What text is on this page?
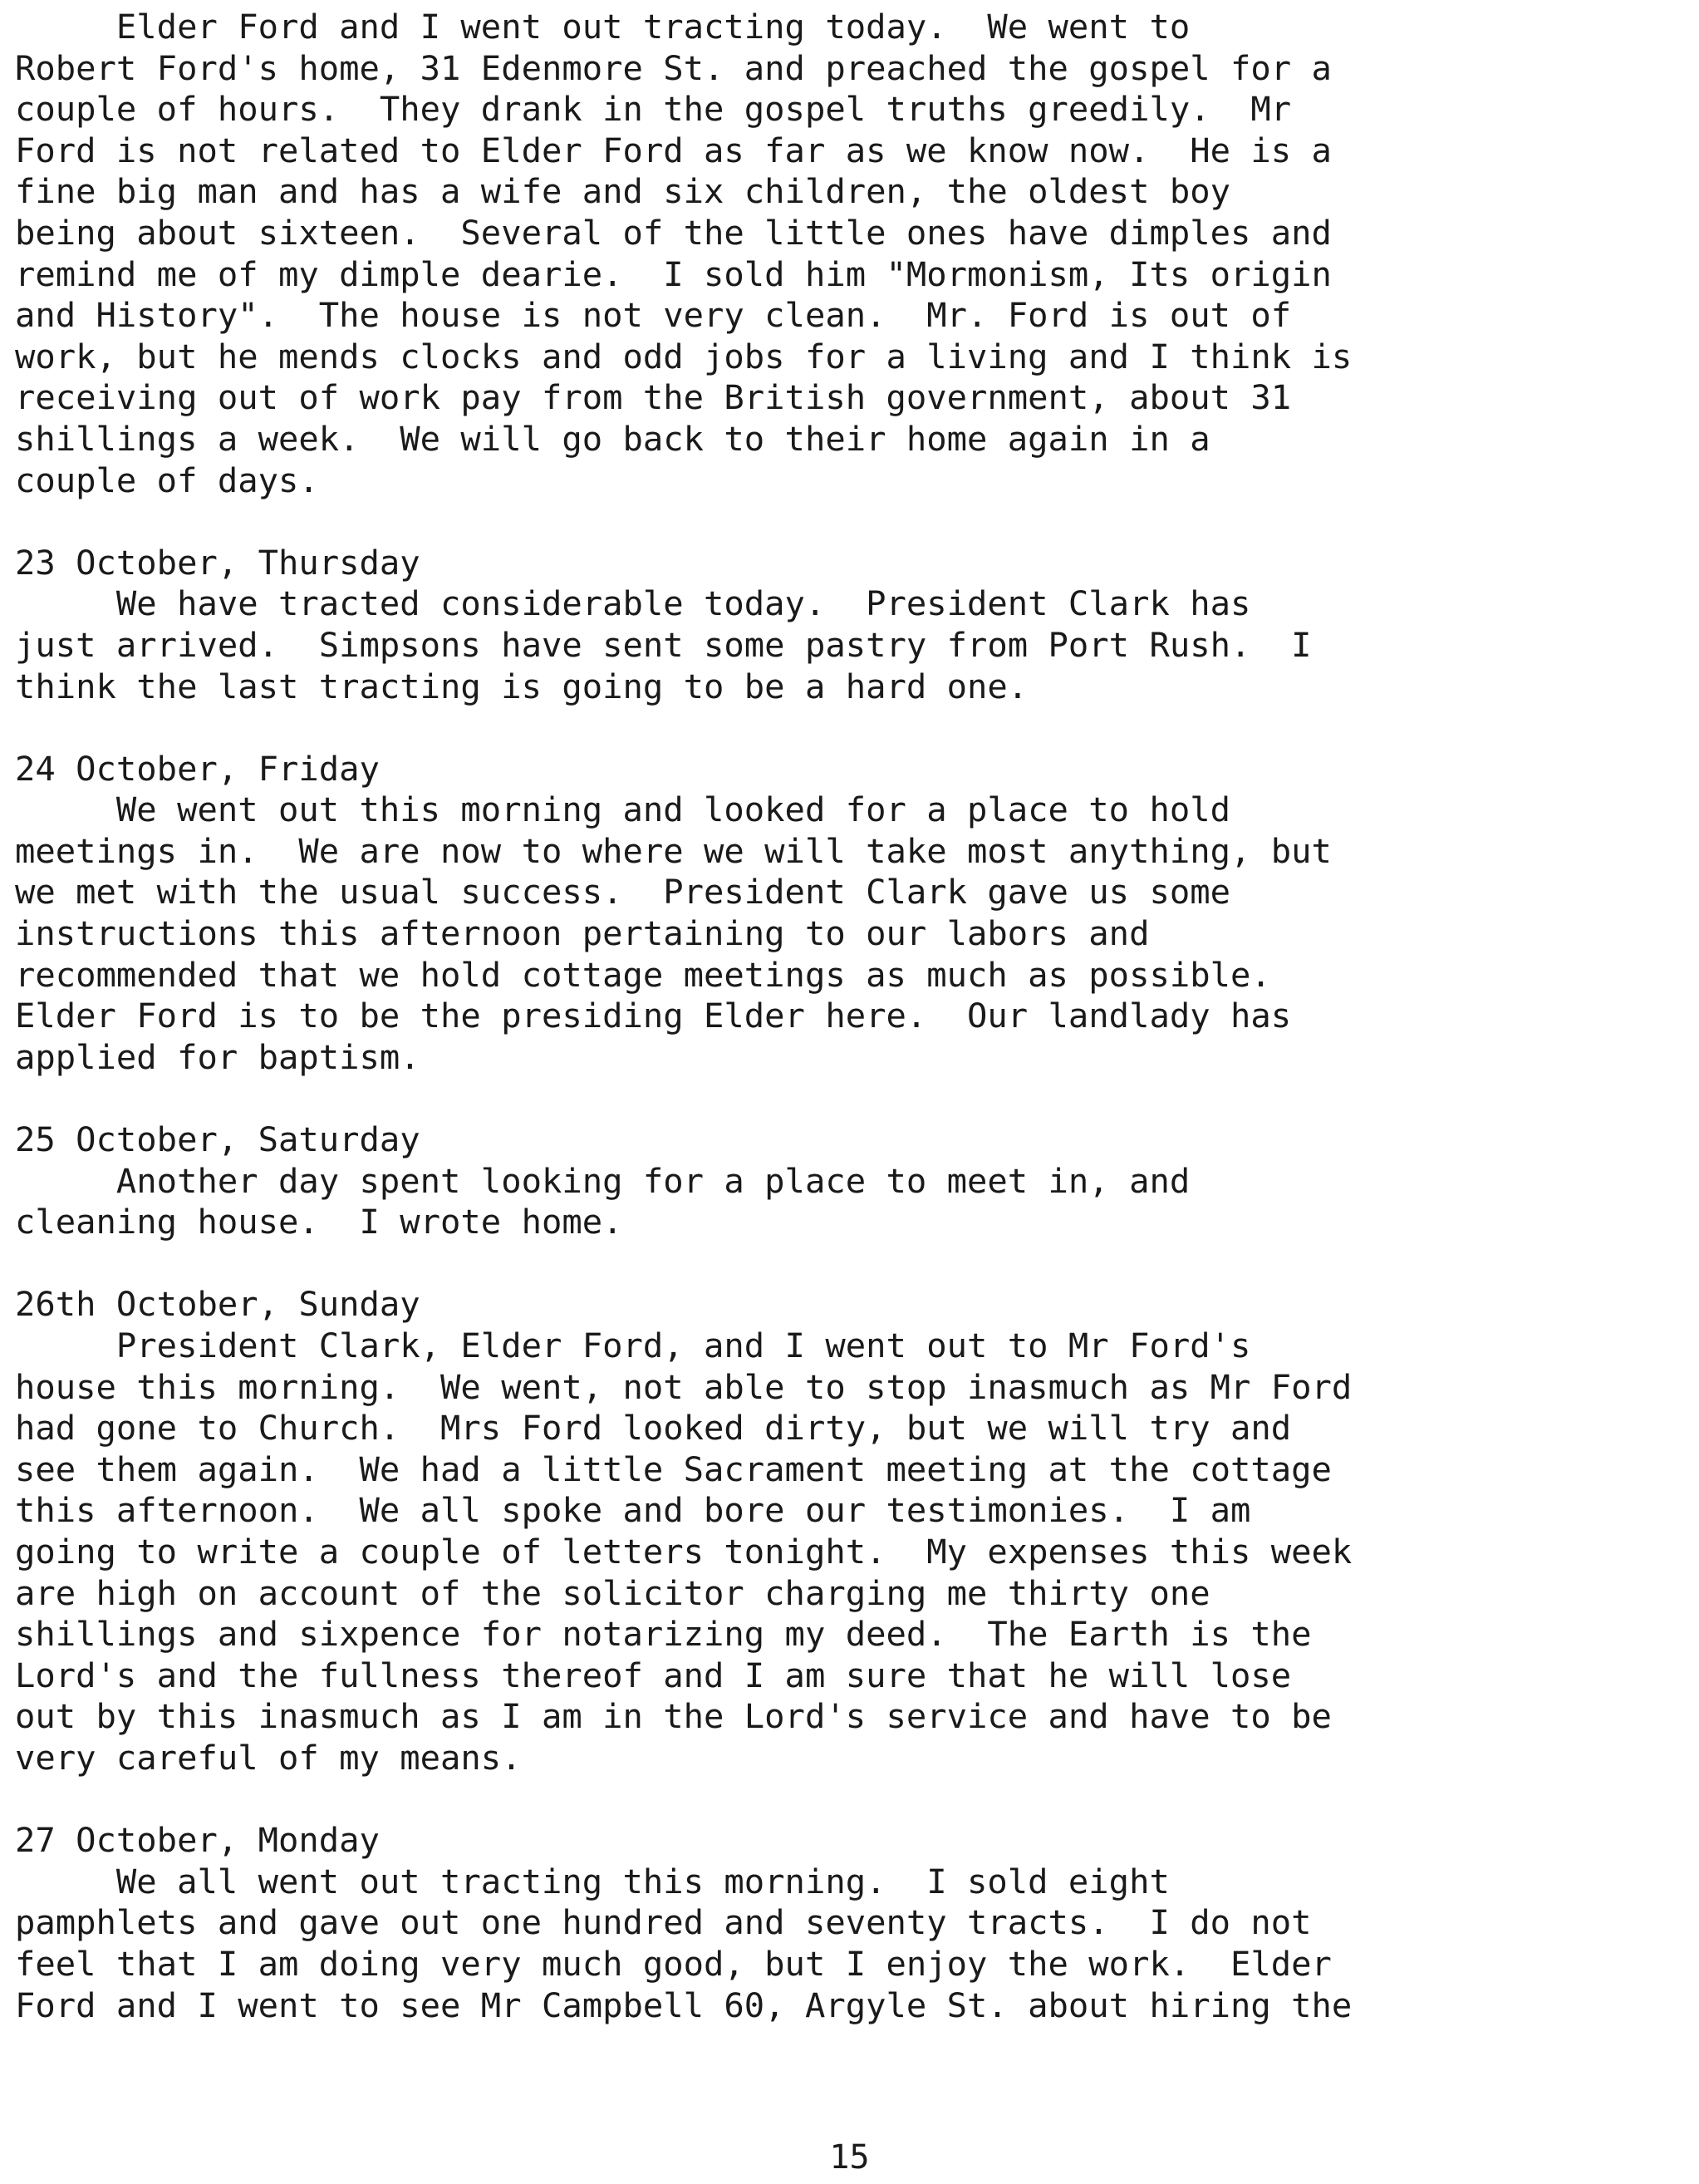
Elder Ford and I went out tracting today.  We went to
Robert Ford's home, 31 Edenmore St. and preached the gospel for a
couple of hours.  They drank in the gospel truths greedily.  Mr
Ford is not related to Elder Ford as far as we know now.  He is a
fine big man and has a wife and six children, the oldest boy
being about sixteen.  Several of the little ones have dimples and
remind me of my dimple dearie.  I sold him "Mormonism, Its origin
and History".  The house is not very clean.  Mr. Ford is out of
work, but he mends clocks and odd jobs for a living and I think is
receiving out of work pay from the British government, about 31
shillings a week.  We will go back to their home again in a
couple of days.
23 October, Thursday
We have tracted considerable today.  President Clark has
just arrived.  Simpsons have sent some pastry from Port Rush.  I
think the last tracting is going to be a hard one.
24 October, Friday
We went out this morning and looked for a place to hold
meetings in.  We are now to where we will take most anything, but
we met with the usual success.  President Clark gave us some
instructions this afternoon pertaining to our labors and
recommended that we hold cottage meetings as much as possible.
Elder Ford is to be the presiding Elder here.  Our landlady has
applied for baptism.
25 October, Saturday
Another day spent looking for a place to meet in, and
cleaning house.  I wrote home.
26th October, Sunday
President Clark, Elder Ford, and I went out to Mr Ford's
house this morning.  We went, not able to stop inasmuch as Mr Ford
had gone to Church.  Mrs Ford looked dirty, but we will try and
see them again.  We had a little Sacrament meeting at the cottage
this afternoon.  We all spoke and bore our testimonies.  I am
going to write a couple of letters tonight.  My expenses this week
are high on account of the solicitor charging me thirty one
shillings and sixpence for notarizing my deed.  The Earth is the
Lord's and the fullness thereof and I am sure that he will lose
out by this inasmuch as I am in the Lord's service and have to be
very careful of my means.
27 October, Monday
We all went out tracting this morning.  I sold eight
pamphlets and gave out one hundred and seventy tracts.  I do not
feel that I am doing very much good, but I enjoy the work.  Elder
Ford and I went to see Mr Campbell 60, Argyle St. about hiring the
15
